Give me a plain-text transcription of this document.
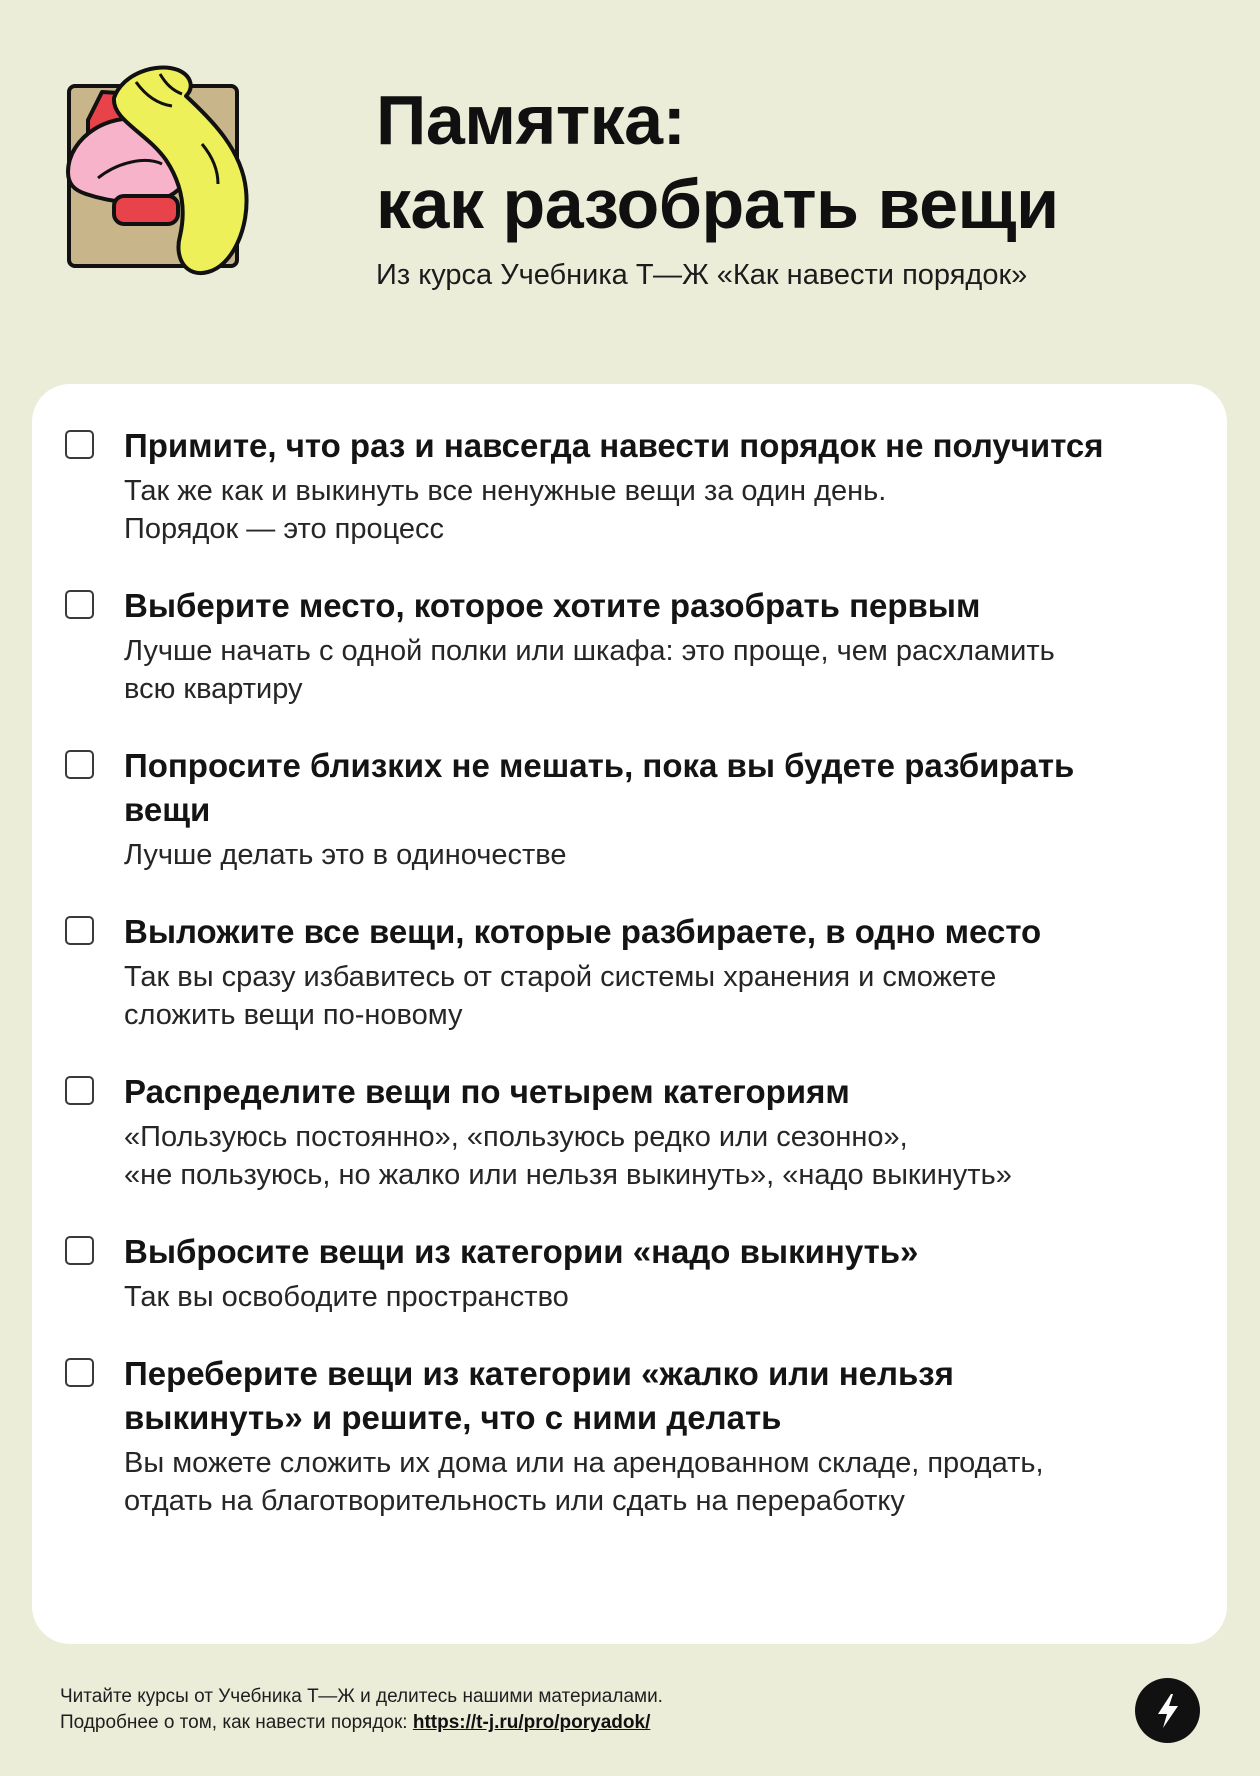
Памятка:
как разобрать вещи

Из курса Учебника Т—Ж «Как навести порядок»

Примите, что раз и навсегда навести порядок не получится

Так же как и выкинуть все ненужные вещи за один день.
Порядок — это процесс

Выберите место, которое хотите разобрать первым

Лучше начать с одной полки или шкафа: это проще, чем расхламить
всю квартиру

Попросите близких не мешать, пока вы будете разбирать вещи

Лучше делать это в одиночестве

Выложите все вещи, которые разбираете, в одно место

Так вы сразу избавитесь от старой системы хранения и сможете
сложить вещи по-новому

Распределите вещи по четырем категориям

«Пользуюсь постоянно», «пользуюсь редко или сезонно»,
«не пользуюсь, но жалко или нельзя выкинуть», «надо выкинуть»

Выбросите вещи из категории «надо выкинуть»

Так вы освободите пространство

Переберите вещи из категории «жалко или нельзя выкинуть» и решите, что с ними делать

Вы можете сложить их дома или на арендованном складе, продать,
отдать на благотворительность или сдать на переработку

Читайте курсы от Учебника Т—Ж и делитесь нашими материалами.

Подробнее о том, как навести порядок: https://t-j.ru/pro/poryadok/
